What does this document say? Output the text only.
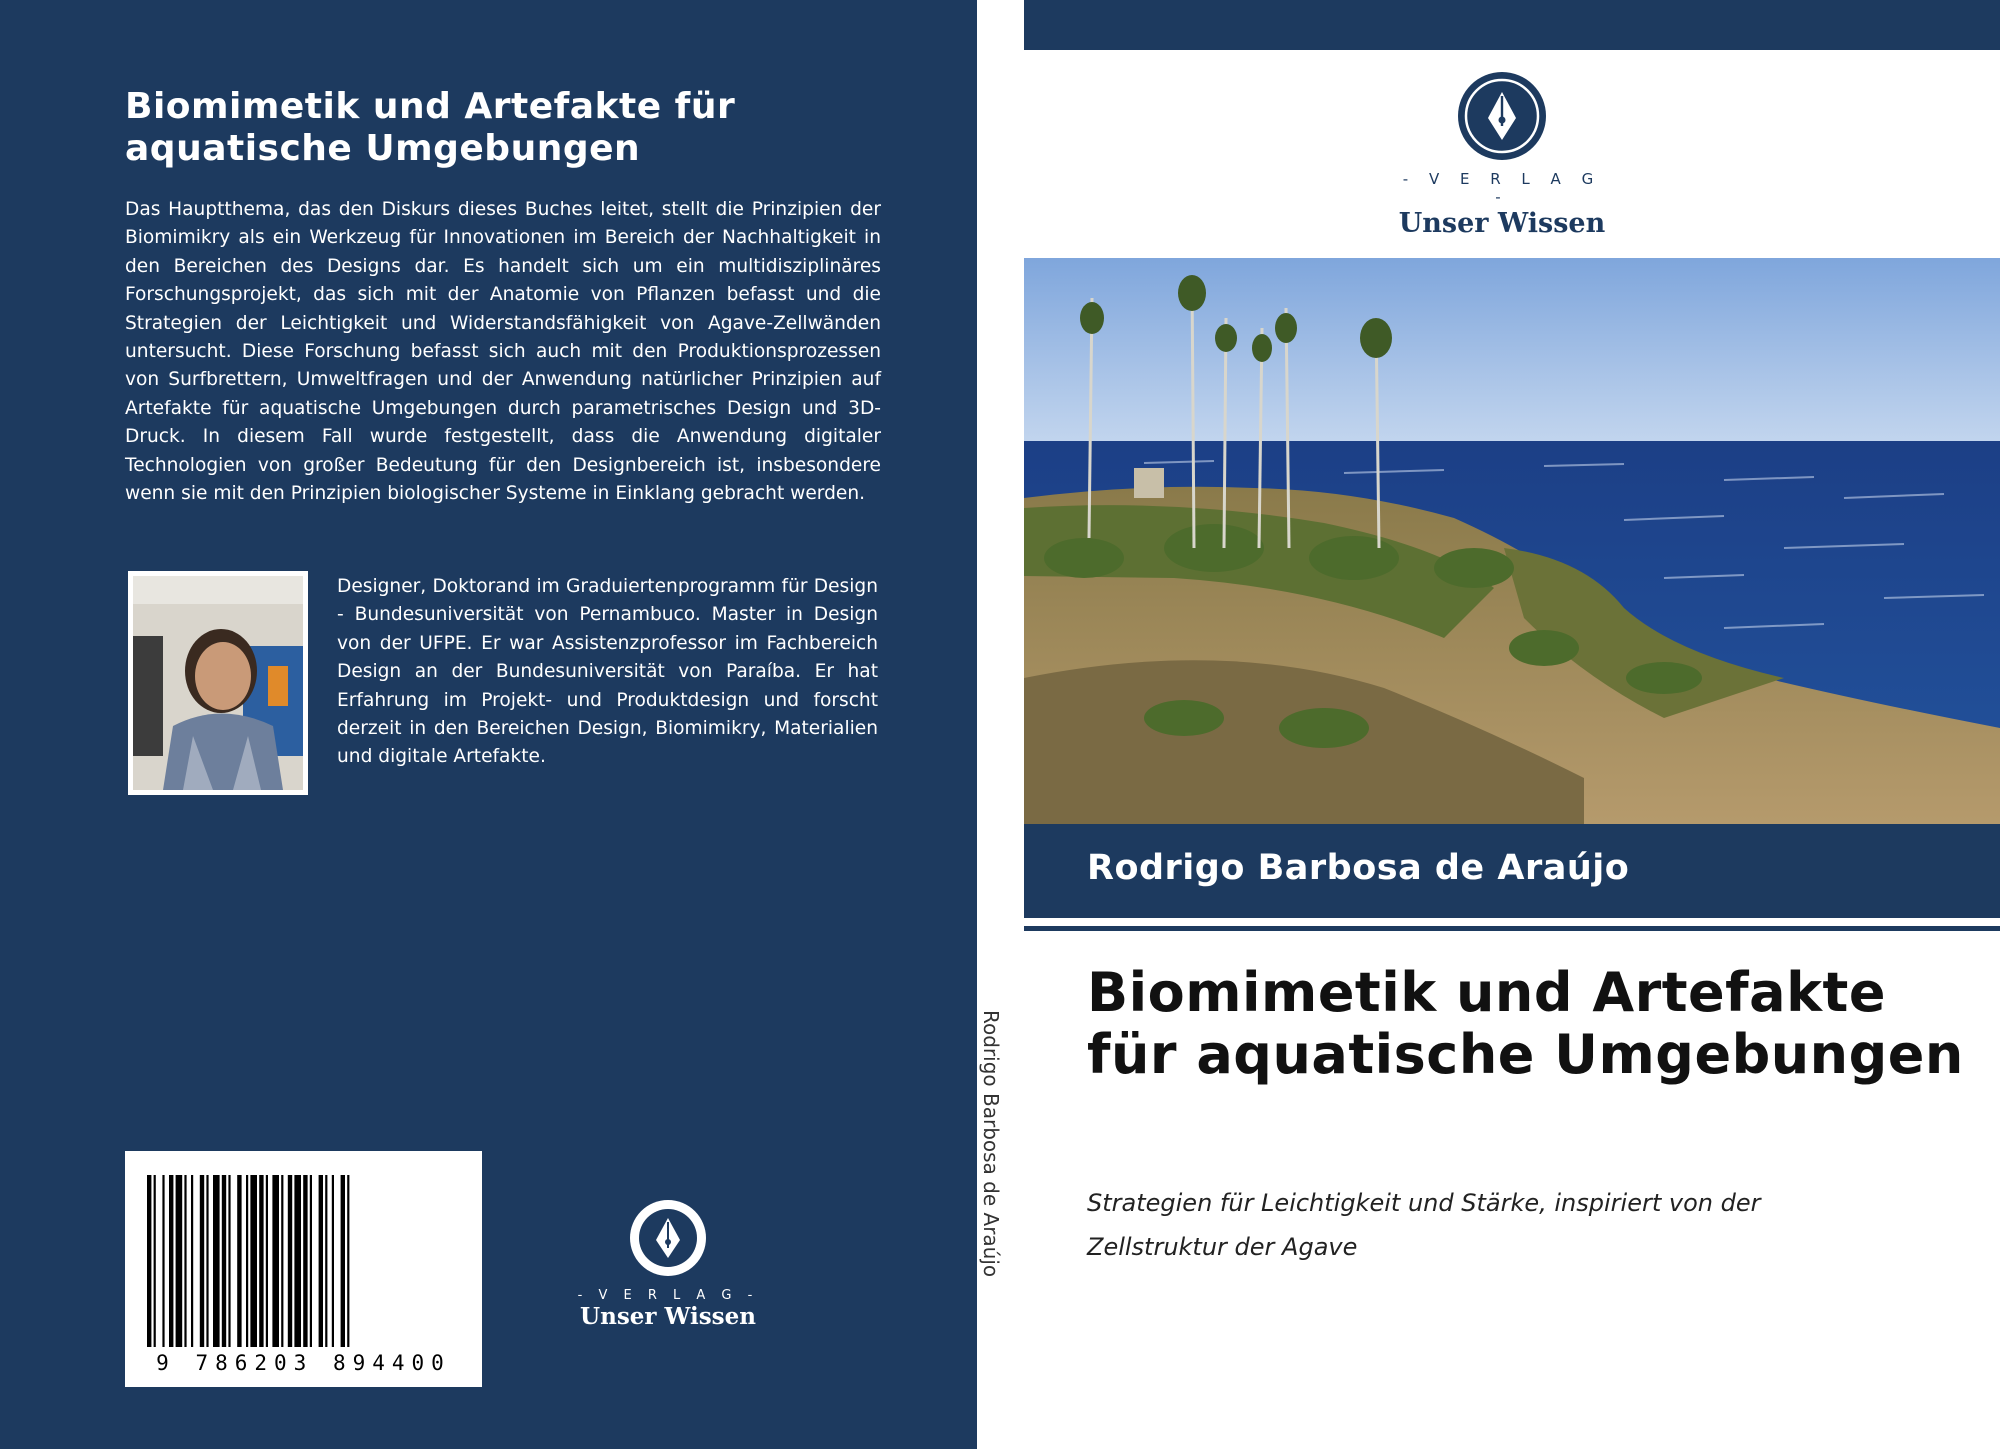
Biomimetik und Artefakte für aquatische Umgebungen
Das Hauptthema, das den Diskurs dieses Buches leitet, stellt die Prinzipien der Biomimikry als ein Werkzeug für Innovationen im Bereich der Nachhaltigkeit in den Bereichen des Designs dar. Es handelt sich um ein multidisziplinäres Forschungsprojekt, das sich mit der Anatomie von Pflanzen befasst und die Strategien der Leichtigkeit und Widerstandsfähigkeit von Agave-Zellwänden untersucht. Diese Forschung befasst sich auch mit den Produktionsprozessen von Surfbrettern, Umweltfragen und der Anwendung natürlicher Prinzipien auf Artefakte für aquatische Umgebungen durch parametrisches Design und 3D-Druck. In diesem Fall wurde festgestellt, dass die Anwendung digitaler Technologien von großer Bedeutung für den Designbereich ist, insbesondere wenn sie mit den Prinzipien biologischer Systeme in Einklang gebracht werden.
Designer, Doktorand im Graduiertenprogramm für Design - Bundesuniversität von Pernambuco. Master in Design von der UFPE. Er war Assistenzprofessor im Fachbereich Design an der Bundesuniversität von Paraíba. Er hat Erfahrung im Projekt- und Produktdesign und forscht derzeit in den Bereichen Design, Biomimikry, Materialien und digitale Artefakte.
9 786203 894400
- V E R L A G -
Unser Wissen
Rodrigo Barbosa de Araújo
- V E R L A G -
Unser Wissen
Rodrigo Barbosa de Araújo
Biomimetik und Artefakte für aquatische Umgebungen
Strategien für Leichtigkeit und Stärke, inspiriert von der Zellstruktur der Agave
